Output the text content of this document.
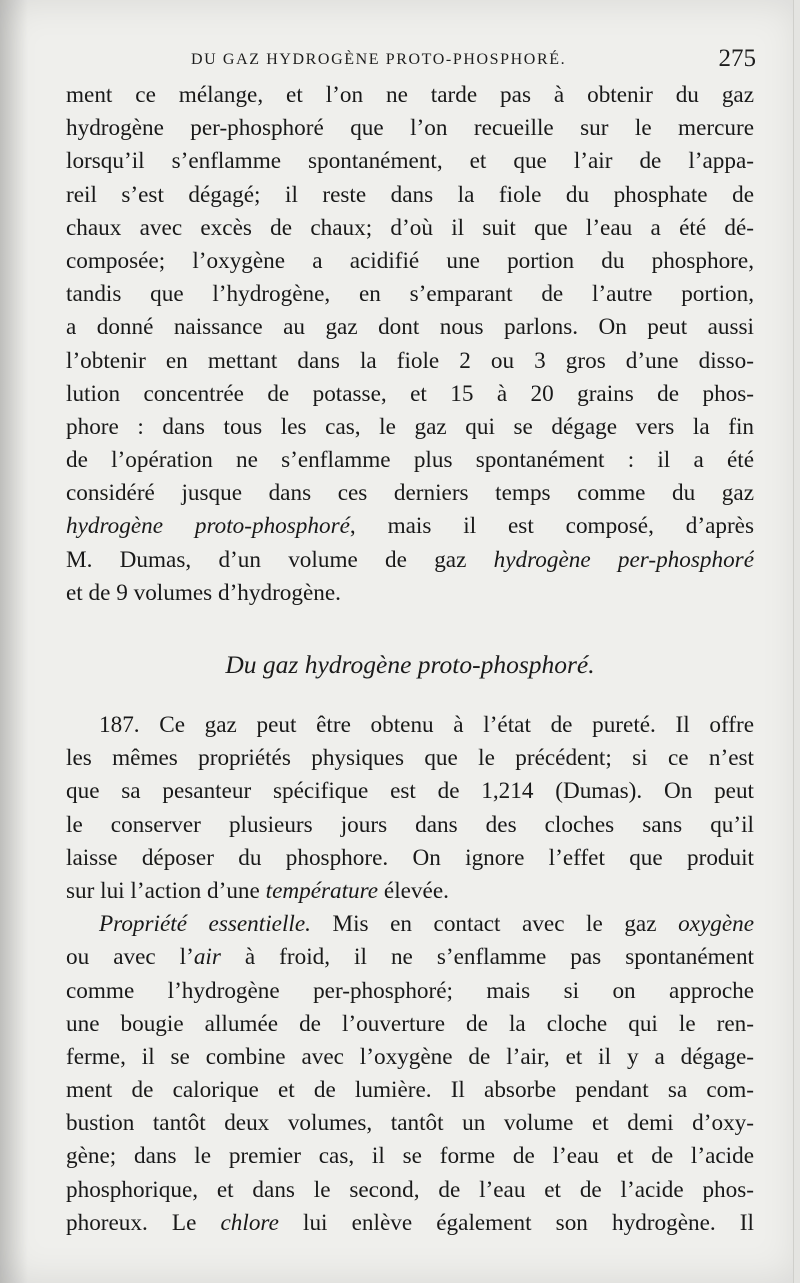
DU GAZ HYDROGÈNE PROTO-PHOSPHORÉ.	275
ment ce mélange, et l’on ne tarde pas à obtenir du gaz
hydrogène per-phosphoré que l’on recueille sur le mercure
lorsqu’il s’enflamme spontanément, et que l’air de l’appa-
reil s’est dégagé; il reste dans la fiole du phosphate de
chaux avec excès de chaux; d’où il suit que l’eau a été dé-
composée; l’oxygène a acidifié une portion du phosphore,
tandis que l’hydrogène, en s’emparant de l’autre portion,
a donné naissance au gaz dont nous parlons. On peut aussi
l’obtenir en mettant dans la fiole 2 ou 3 gros d’une disso-
lution concentrée de potasse, et 15 à 20 grains de phos-
phore : dans tous les cas, le gaz qui se dégage vers la fin
de l’opération ne s’enflamme plus spontanément : il a été
considéré jusque dans ces derniers temps comme du gaz
hydrogène proto-phosphoré, mais il est composé, d’après
M. Dumas, d’un volume de gaz hydrogène per-phosphoré
et de 9 volumes d’hydrogène.
Du gaz hydrogène proto-phosphoré.
187. Ce gaz peut être obtenu à l’état de pureté. Il offre
les mêmes propriétés physiques que le précédent; si ce n’est
que sa pesanteur spécifique est de 1,214 (Dumas). On peut
le conserver plusieurs jours dans des cloches sans qu’il
laisse déposer du phosphore. On ignore l’effet que produit
sur lui l’action d’une température élevée.
Propriété essentielle. Mis en contact avec le gaz oxygène
ou avec l’air à froid, il ne s’enflamme pas spontanément
comme l’hydrogène per-phosphoré; mais si on approche
une bougie allumée de l’ouverture de la cloche qui le ren-
ferme, il se combine avec l’oxygène de l’air, et il y a dégage-
ment de calorique et de lumière. Il absorbe pendant sa com-
bustion tantôt deux volumes, tantôt un volume et demi d’oxy-
gène; dans le premier cas, il se forme de l’eau et de l’acide
phosphorique, et dans le second, de l’eau et de l’acide phos-
phoreux. Le chlore lui enlève également son hydrogène. Il
